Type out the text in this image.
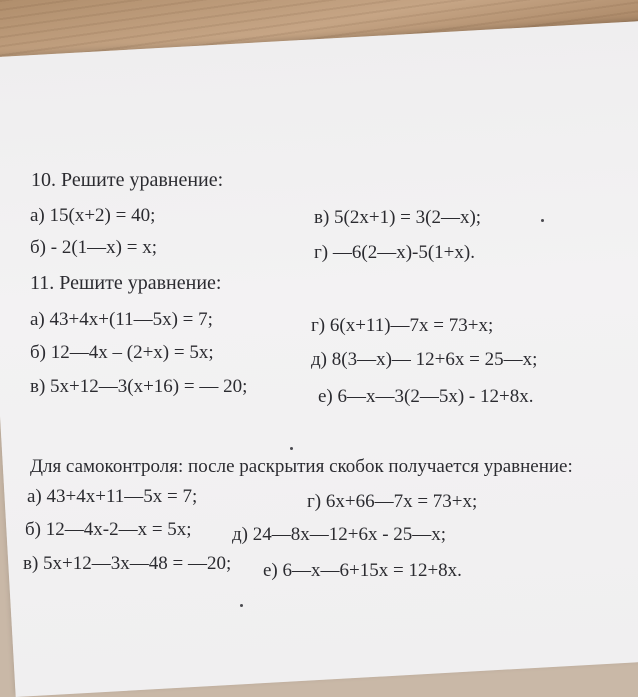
10. Решите уравнение:
а) 15(x+2) = 40;	в) 5(2x+1) = 3(2—x);
б) - 2(1—x) = x;	г) —6(2—x)-5(1+x).
11. Решите уравнение:
а) 43+4x+(11—5x) = 7;	г) 6(x+11)—7x = 73+x;
б) 12—4x – (2+x) = 5x;	д) 8(3—x)— 12+6x = 25—x;
в) 5x+12—3(x+16) = — 20;	е) 6—x—3(2—5x) - 12+8x.
Для самоконтроля: после раскрытия скобок получается уравнение:
а) 43+4x+11—5x = 7;	г) 6x+66—7x = 73+x;
б) 12—4x-2—x = 5x; д) 24—8x—12+6x - 25—x;
в) 5x+12—3x—48 = —20; е) 6—x—6+15x = 12+8x.
